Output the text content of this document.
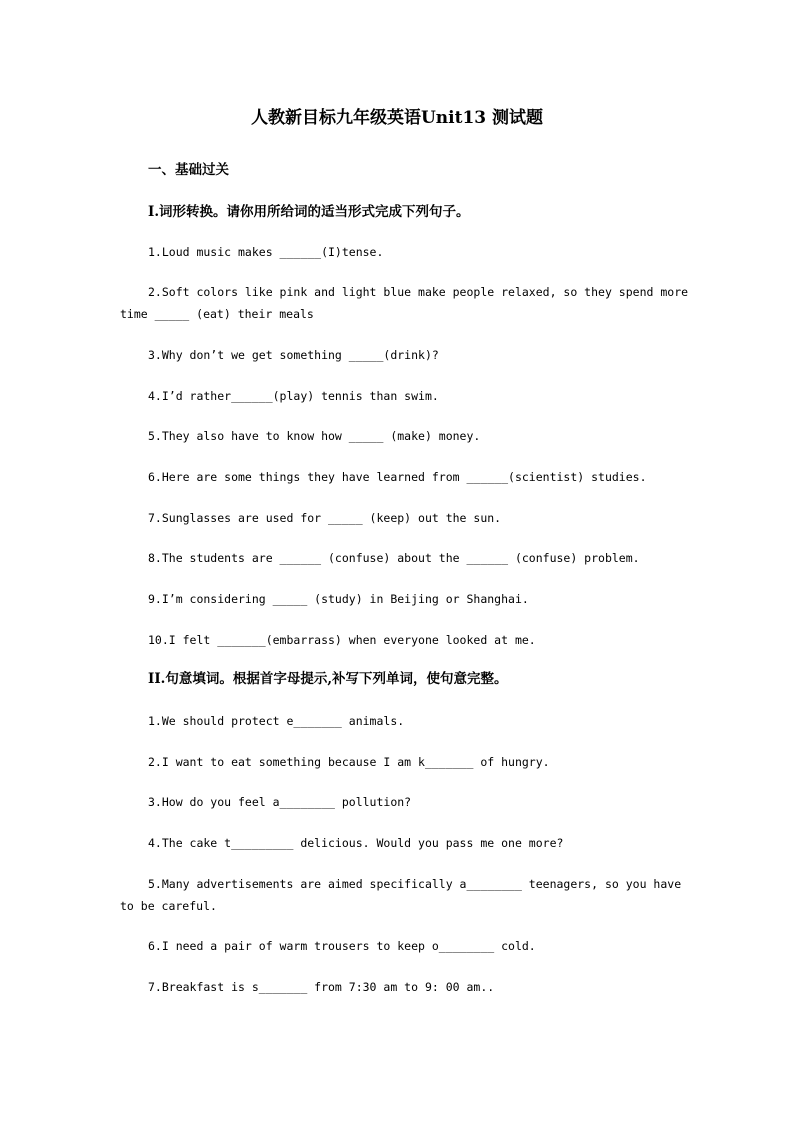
人教新目标九年级英语Unit13 测试题

一、基础过关

I.词形转换。请你用所给词的适当形式完成下列句子。

1.Loud music makes ______(I)tense.

2.Soft colors like pink and light blue make people relaxed, so they spend more time _____ (eat) their meals

3.Why don’t we get something _____(drink)?

4.I’d rather______(play) tennis than swim.

5.They also have to know how _____ (make) money.

6.Here are some things they have learned from ______(scientist) studies.

7.Sunglasses are used for _____ (keep) out the sun.

8.The students are ______ (confuse) about the ______ (confuse) problem.

9.I’m considering _____ (study) in Beijing or Shanghai.

10.I felt _______(embarrass) when everyone looked at me.

II.句意填词。根据首字母提示,补写下列单词，使句意完整。

1.We should protect e_______ animals.

2.I want to eat something because I am k_______ of hungry.

3.How do you feel a________ pollution?

4.The cake t_________ delicious. Would you pass me one more?

5.Many advertisements are aimed specifically a________ teenagers, so you have to be careful.

6.I need a pair of warm trousers to keep o________ cold.

7.Breakfast is s_______ from 7:30 am to 9: 00 am..
